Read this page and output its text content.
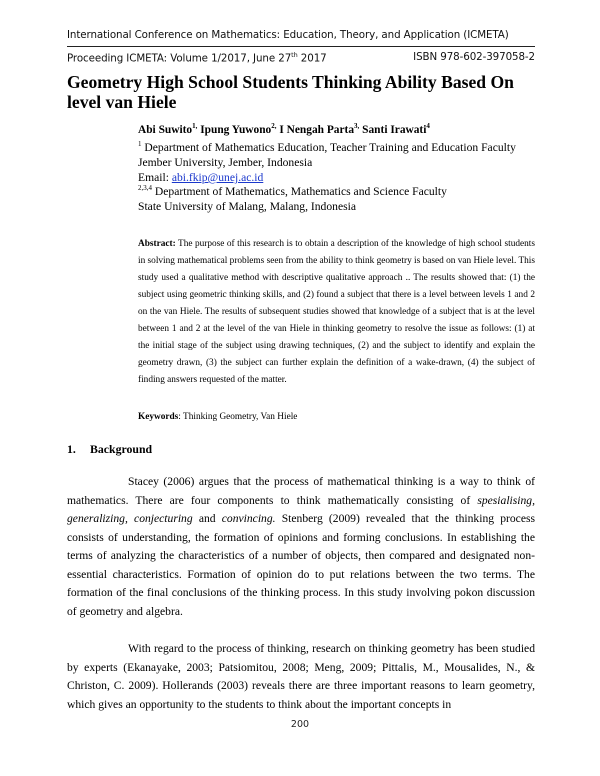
International Conference on Mathematics: Education, Theory, and Application (ICMETA)
Proceeding ICMETA: Volume 1/2017, June 27th 2017	ISBN 978-602-397058-2
Geometry High School Students Thinking Ability Based On level van Hiele
Abi Suwito$^{1,}$ Ipung Yuwono$^{2,}$ I Nengah Parta$^{3,}$ Santi Irawati$^4$
$^1$ Department of Mathematics Education, Teacher Training and Education Faculty
Jember University, Jember, Indonesia
Email: abi.fkip@unej.ac.id
$^{2,3,4}$ Department of Mathematics, Mathematics and Science Faculty
State University of Malang, Malang, Indonesia
Abstract: The purpose of this research is to obtain a description of the knowledge of high school students in solving mathematical problems seen from the ability to think geometry is based on van Hiele level. This study used a qualitative method with descriptive qualitative approach .. The results showed that: (1) the subject using geometric thinking skills, and (2) found a subject that there is a level between levels 1 and 2 on the van Hiele. The results of subsequent studies showed that knowledge of a subject that is at the level between 1 and 2 at the level of the van Hiele in thinking geometry to resolve the issue as follows: (1) at the initial stage of the subject using drawing techniques, (2) and the subject to identify and explain the geometry drawn, (3) the subject can further explain the definition of a wake-drawn, (4) the subject of finding answers requested of the matter.
Keywords: Thinking Geometry, Van Hiele
1. Background
Stacey (2006) argues that the process of mathematical thinking is a way to think of mathematics. There are four components to think mathematically consisting of spesialising, generalizing, conjecturing and convincing. Stenberg (2009) revealed that the thinking process consists of understanding, the formation of opinions and forming conclusions. In establishing the terms of analyzing the characteristics of a number of objects, then compared and designated non-essential characteristics. Formation of opinion do to put relations between the two terms. The formation of the final conclusions of the thinking process. In this study involving pokon discussion of geometry and algebra.
With regard to the process of thinking, research on thinking geometry has been studied by experts (Ekanayake, 2003; Patsiomitou, 2008; Meng, 2009; Pittalis, M., Mousalides, N., & Christon, C. 2009). Hollerands (2003) reveals there are three important reasons to learn geometry, which gives an opportunity to the students to think about the important concepts in
200
